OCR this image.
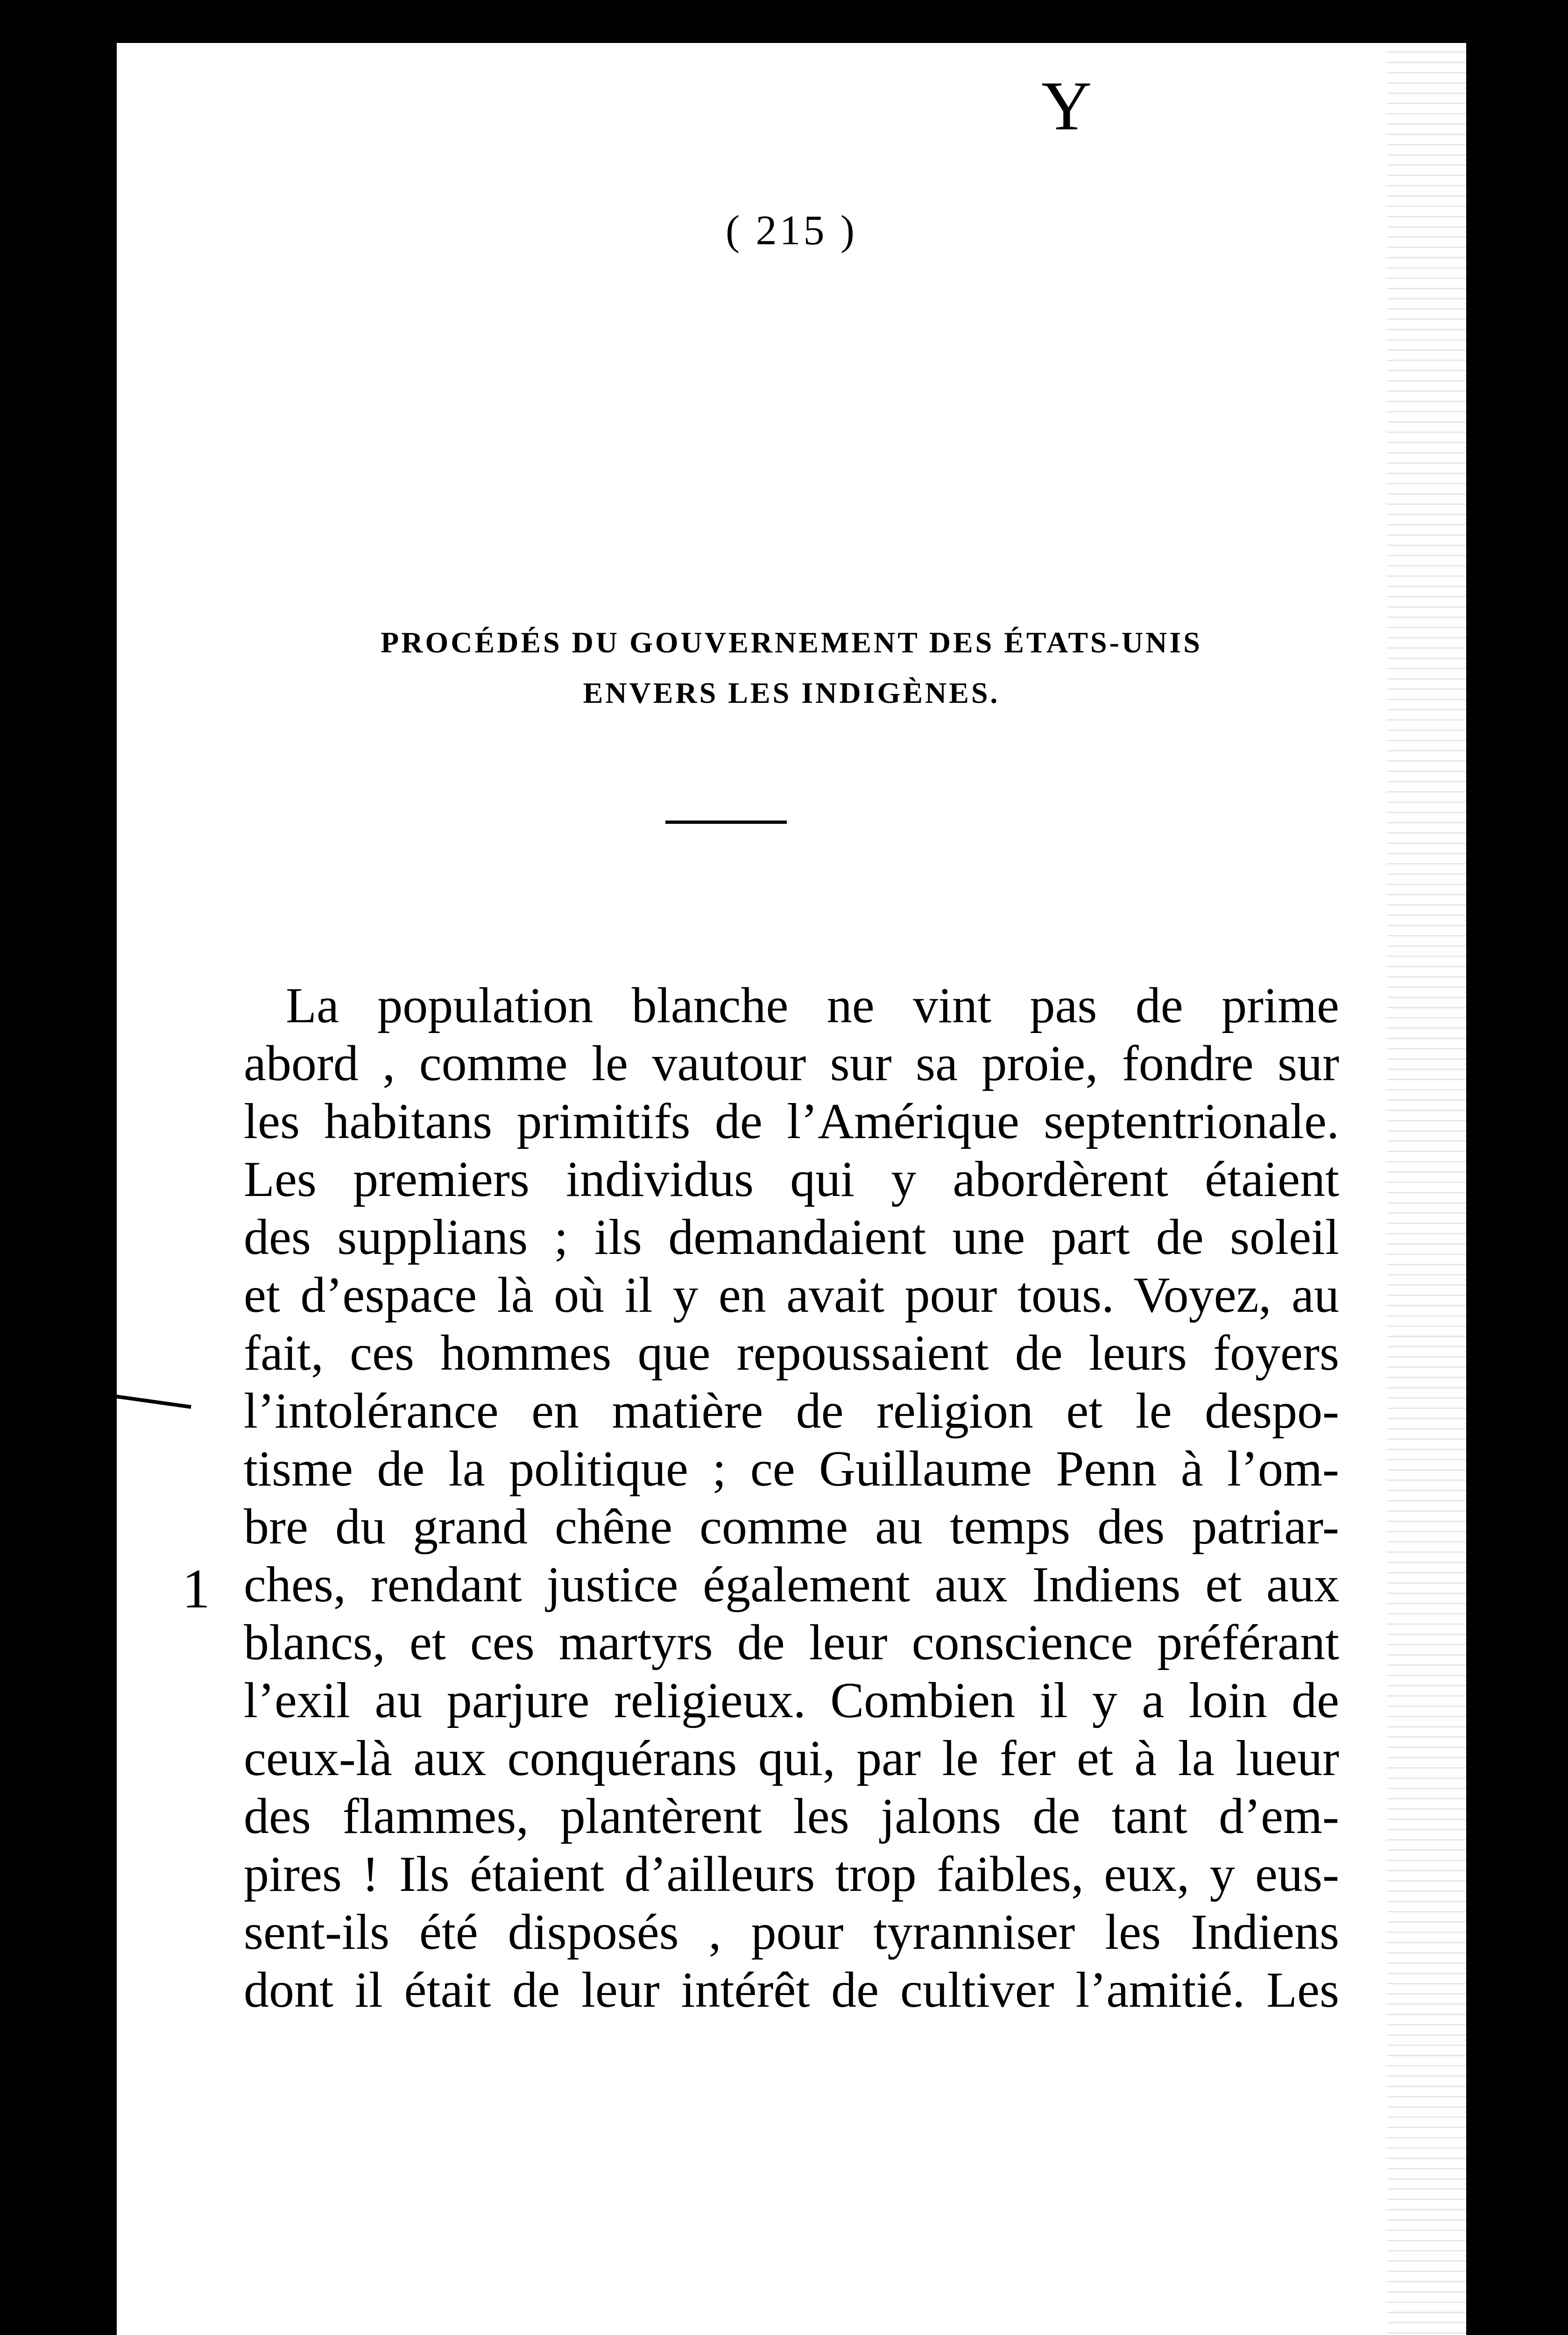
Y
1
( 215 )
PROCÉDÉS DU GOUVERNEMENT DES ÉTATS-UNIS
ENVERS LES INDIGÈNES.

La population blanche ne vint pas de prime
abord , comme le vautour sur sa proie, fondre sur
les habitans primitifs de l’Amérique septentrionale.
Les premiers individus qui y abordèrent étaient
des supplians ; ils demandaient une part de soleil
et d’espace là où il y en avait pour tous. Voyez, au
fait, ces hommes que repoussaient de leurs foyers
l’intolérance en matière de religion et le despo-
tisme de la politique ; ce Guillaume Penn à l’om-
bre du grand chêne comme au temps des patriar-
ches, rendant justice également aux Indiens et aux
blancs, et ces martyrs de leur conscience préférant
l’exil au parjure religieux. Combien il y a loin de
ceux-là aux conquérans qui, par le fer et à la lueur
des flammes, plantèrent les jalons de tant d’em-
pires ! Ils étaient d’ailleurs trop faibles, eux, y eus-
sent-ils été disposés , pour tyranniser les Indiens
dont il était de leur intérêt de cultiver l’amitié. Les
